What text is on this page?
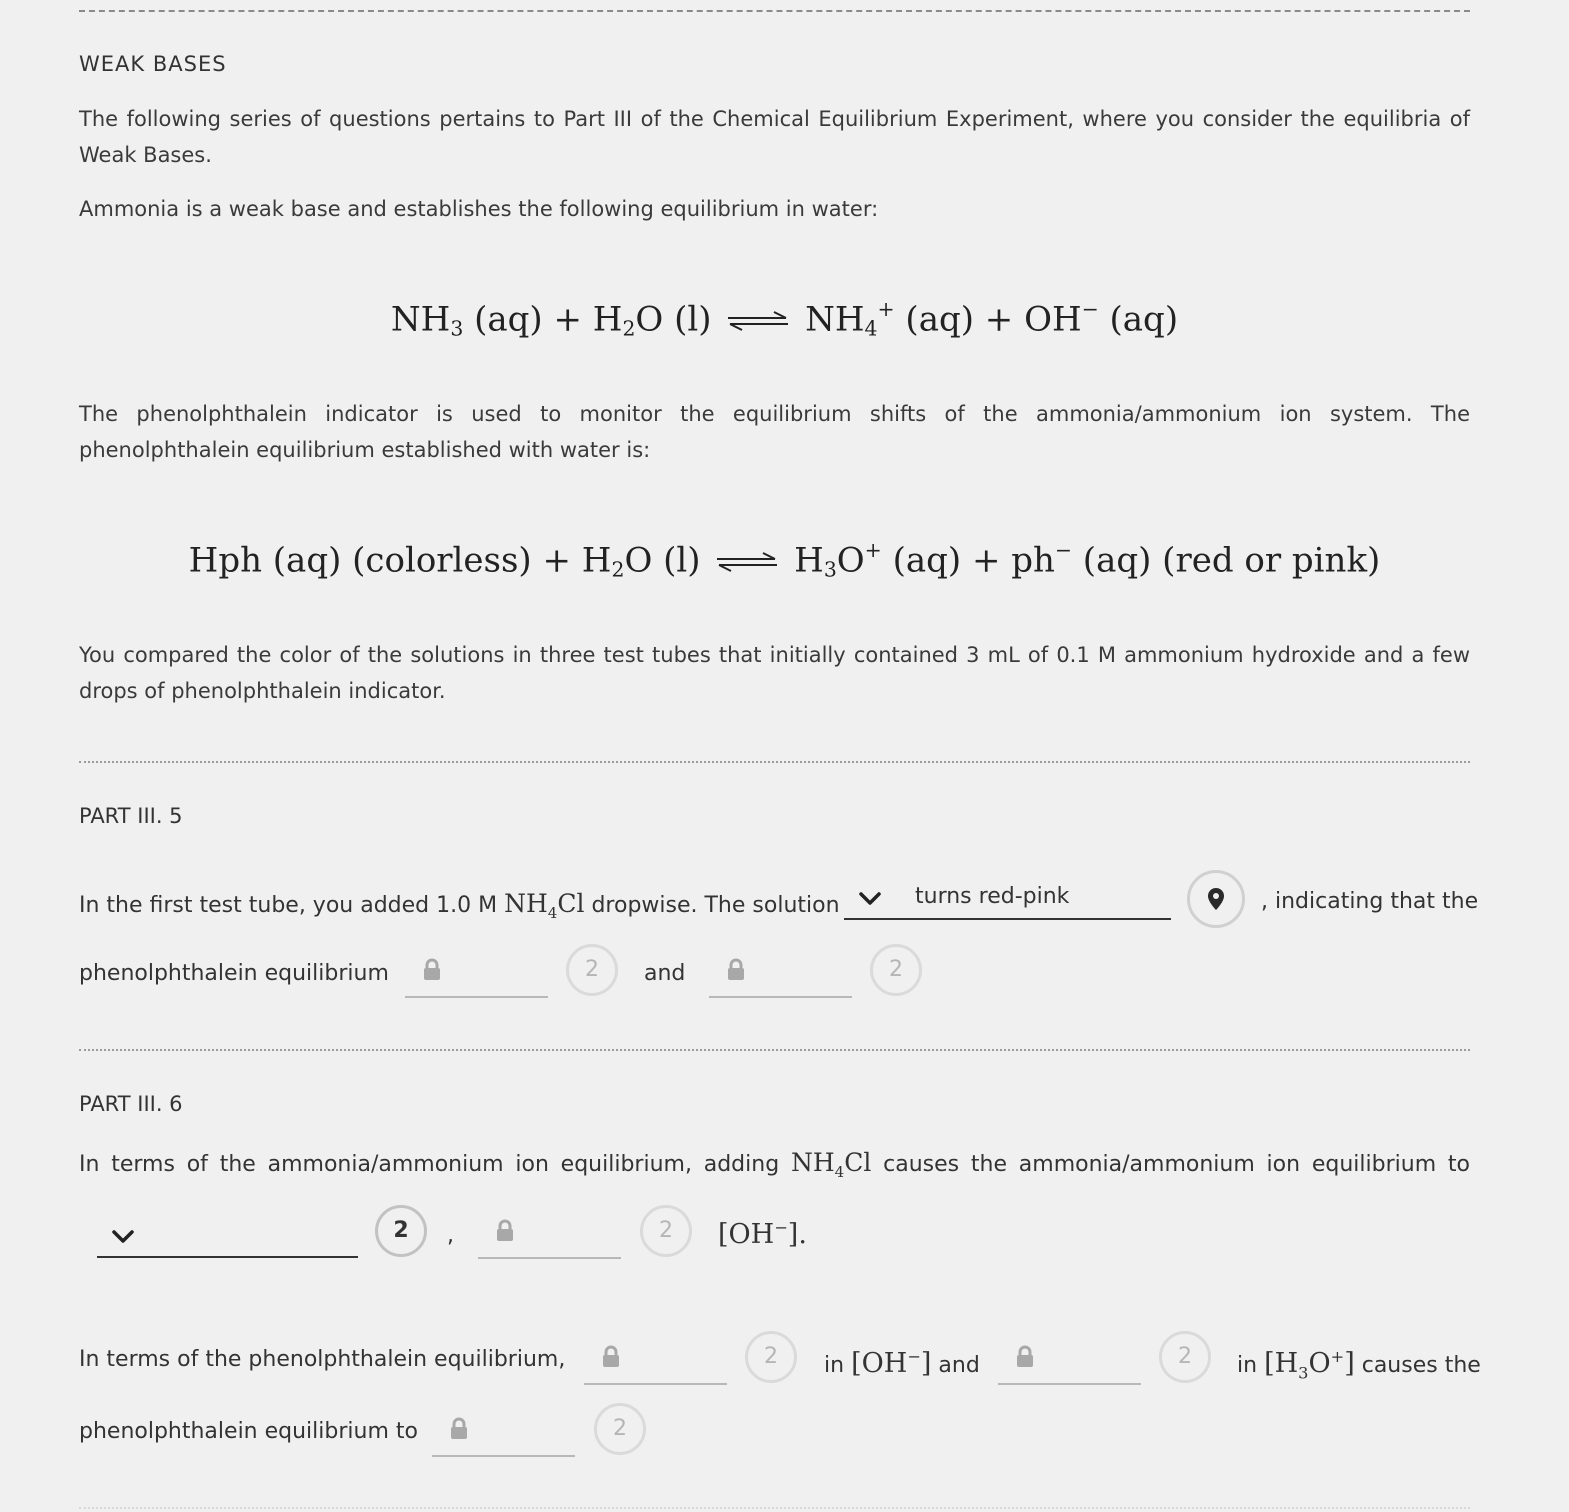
WEAK BASES
The following series of questions pertains to Part III of the Chemical Equilibrium Experiment, where you consider the equilibria of Weak Bases.
Ammonia is a weak base and establishes the following equilibrium in water:
$NH_3$ $(aq) + H_2O$ (l) ⇌ $NH_4^+$ (aq) + OH− (aq)
The phenolphthalein indicator is used to monitor the equilibrium shifts of the ammonia/ammonium ion system. The phenolphthalein equilibrium established with water is:
Hph (aq) (colorless) + $H_2O$ (l) ⇌ $H_3O^+$ (aq) + ph− (aq) (red or pink)
You compared the color of the solutions in three test tubes that initially contained 3 mL of 0.1 M ammonium hydroxide and a few drops of phenolphthalein indicator.
PART III. 5
In the first test tube, you added 1.0 M $NH_4Cl$ dropwise. The solution	turns red-pink	, indicating that the
phenolphthalein equilibrium	2	and	2
PART III. 6
In terms of the ammonia/ammonium ion equilibrium, adding $NH_4Cl$ causes the ammonia/ammonium ion equilibrium to
2	,	2	[OH−].
In terms of the phenolphthalein equilibrium,	2	in [OH−] and	2	in $[H_3O^+]$ causes the
phenolphthalein equilibrium to	2
